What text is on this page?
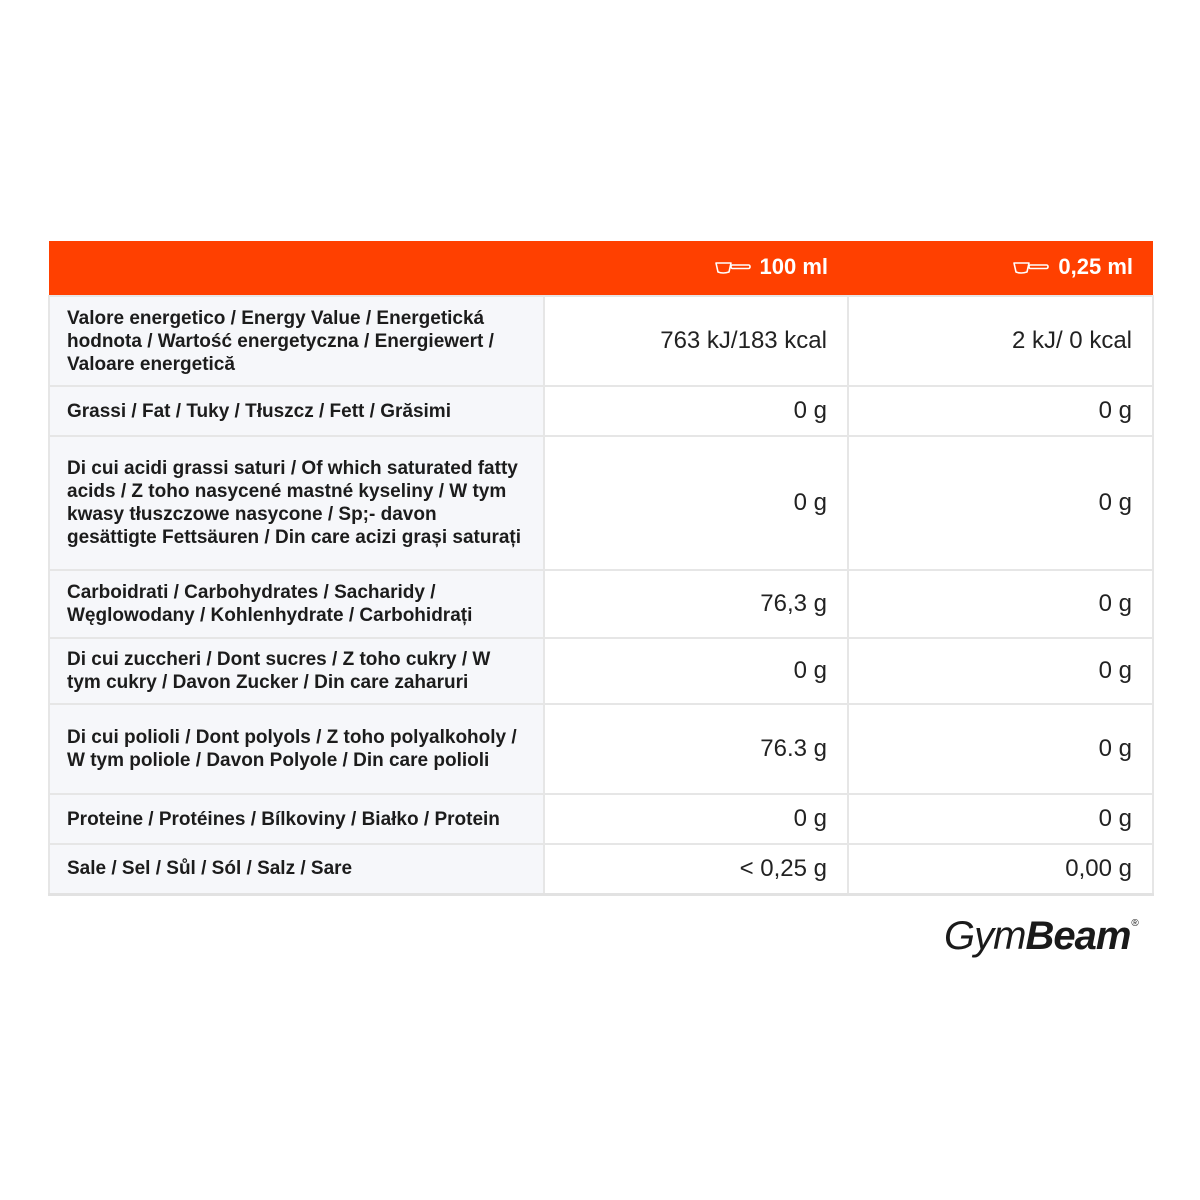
	100 ml	0,25 ml

Valore energetico / Energy Value / Energetická hodnota / Wartość energetyczna / Energiewert / Valoare energetică	763 kJ/183 kcal	2 kJ/ 0 kcal
Grassi / Fat / Tuky / Tłuszcz / Fett / Grăsimi	0 g	0 g
Di cui acidi grassi saturi / Of which saturated fatty acids / Z toho nasycené mastné kyseliny / W tym kwasy tłuszczowe nasycone / Sp;- davon gesättigte Fettsäuren / Din care acizi grași saturați	0 g	0 g
Carboidrati / Carbohydrates / Sacharidy / Węglowodany / Kohlenhydrate / Carbohidrați	76,3 g	0 g
Di cui zuccheri / Dont sucres / Z toho cukry / W tym cukry / Davon Zucker / Din care zaharuri	0 g	0 g
Di cui polioli / Dont polyols / Z toho polyalkoholy / W tym poliole / Davon Polyole / Din care polioli	76.3 g	0 g
Proteine / Protéines / Bílkoviny / Białko / Protein	0 g	0 g
Sale / Sel / Sůl / Sól / Salz / Sare	< 0,25 g	0,00 g
GymBeam®
